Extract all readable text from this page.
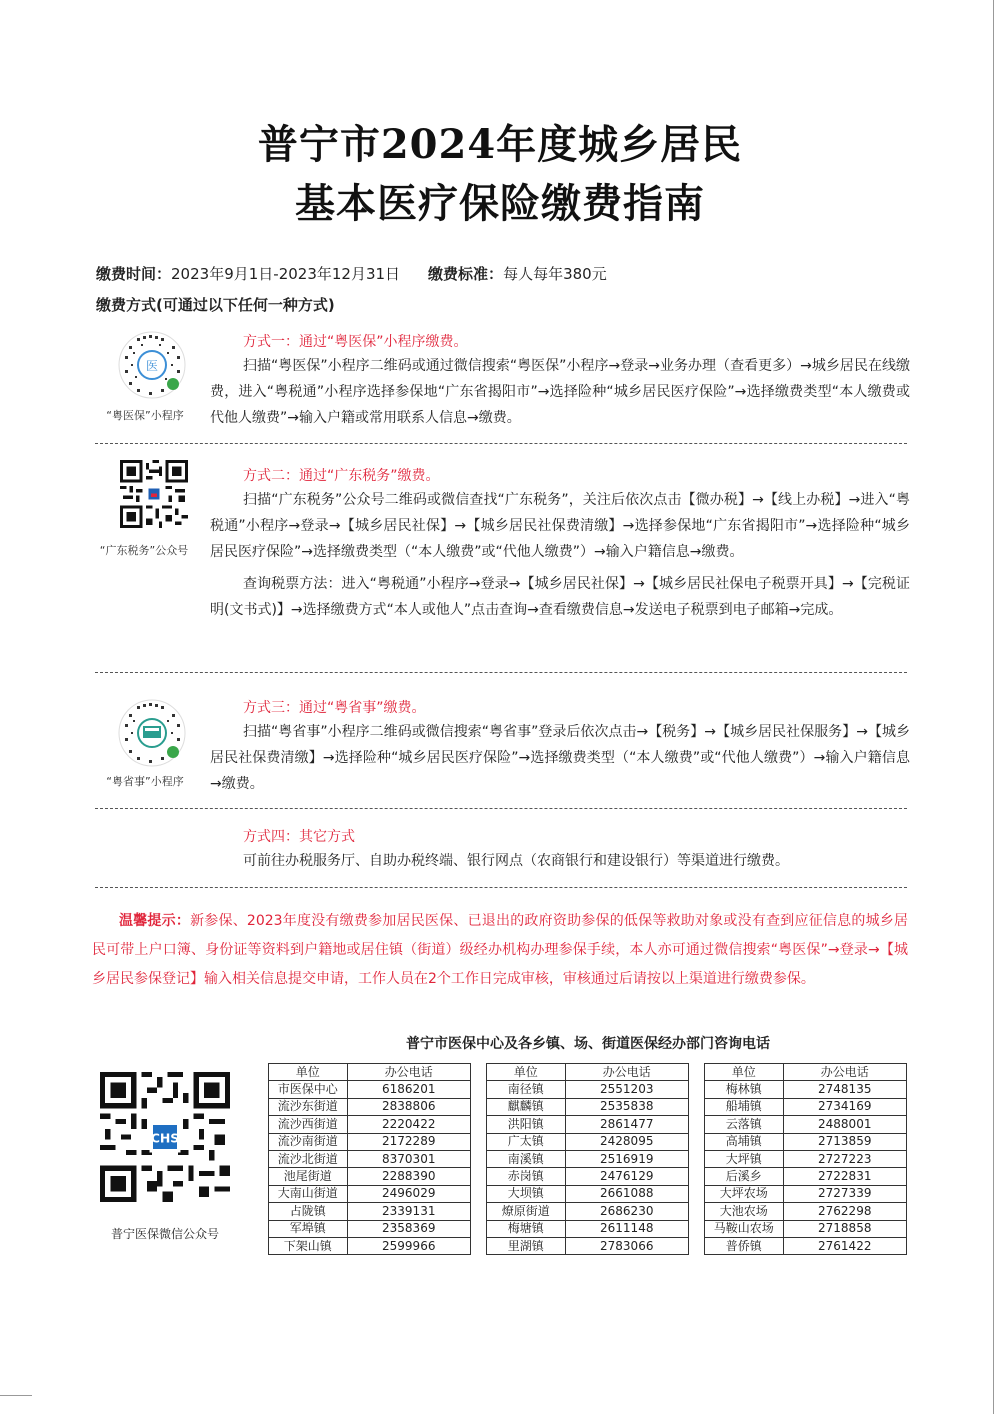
普宁市2024年度城乡居民
基本医疗保险缴费指南
缴费时间：2023年9月1日-2023年12月31日 缴费标准：每人每年380元
缴费方式(可通过以下任何一种方式)
医
“粤医保”小程序
方式一：通过“粤医保”小程序缴费。

扫描“粤医保”小程序二维码或通过微信搜索“粤医保”小程序→登录→业务办理（查看更多）→城乡居民在线缴费，进入“粤税通”小程序选择参保地“广东省揭阳市”→选择险种“城乡居民医疗保险”→选择缴费类型“本人缴费或代他人缴费”→输入户籍或常用联系人信息→缴费。

“广东税务”公众号
方式二：通过“广东税务”缴费。

扫描“广东税务”公众号二维码或微信查找“广东税务”，关注后依次点击【微办税】→【线上办税】→进入“粤税通”小程序→登录→【城乡居民社保】→【城乡居民社保费清缴】→选择参保地“广东省揭阳市”→选择险种“城乡居民医疗保险”→选择缴费类型（“本人缴费”或“代他人缴费”）→输入户籍信息→缴费。

查询税票方法：进入“粤税通”小程序→登录→【城乡居民社保】→【城乡居民社保电子税票开具】→【完税证明(文书式)】→选择缴费方式“本人或他人”点击查询→查看缴费信息→发送电子税票到电子邮箱→完成。

“粤省事”小程序
方式三：通过“粤省事”缴费。

扫描“粤省事”小程序二维码或微信搜索“粤省事”登录后依次点击→【税务】→【城乡居民社保服务】→【城乡居民社保费清缴】→选择险种“城乡居民医疗保险”→选择缴费类型（“本人缴费”或“代他人缴费”）→输入户籍信息→缴费。

方式四：其它方式

可前往办税服务厅、自助办税终端、银行网点（农商银行和建设银行）等渠道进行缴费。

温馨提示：新参保、2023年度没有缴费参加居民医保、已退出的政府资助参保的低保等救助对象或没有查到应征信息的城乡居民可带上户口簿、身份证等资料到户籍地或居住镇（街道）级经办机构办理参保手续，本人亦可通过微信搜索“粤医保”→登录→【城乡居民参保登记】输入相关信息提交申请，工作人员在2个工作日完成审核，审核通过后请按以上渠道进行缴费参保。

普宁市医保中心及各乡镇、场、街道医保经办部门咨询电话
单位	办公电话
市医保中心	6186201
流沙东街道	2838806
流沙西街道	2220422
流沙南街道	2172289
流沙北街道	8370301
池尾街道	2288390
大南山街道	2496029
占陇镇	2339131
军埠镇	2358369
下架山镇	2599966
单位	办公电话
南径镇	2551203
麒麟镇	2535838
洪阳镇	2861477
广太镇	2428095
南溪镇	2516919
赤岗镇	2476129
大坝镇	2661088
燎原街道	2686230
梅塘镇	2611148
里湖镇	2783066
单位	办公电话
梅林镇	2748135
船埔镇	2734169
云落镇	2488001
高埔镇	2713859
大坪镇	2727223
后溪乡	2722831
大坪农场	2727339
大池农场	2762298
马鞍山农场	2718858
普侨镇	2761422
CHS
普宁医保微信公众号
